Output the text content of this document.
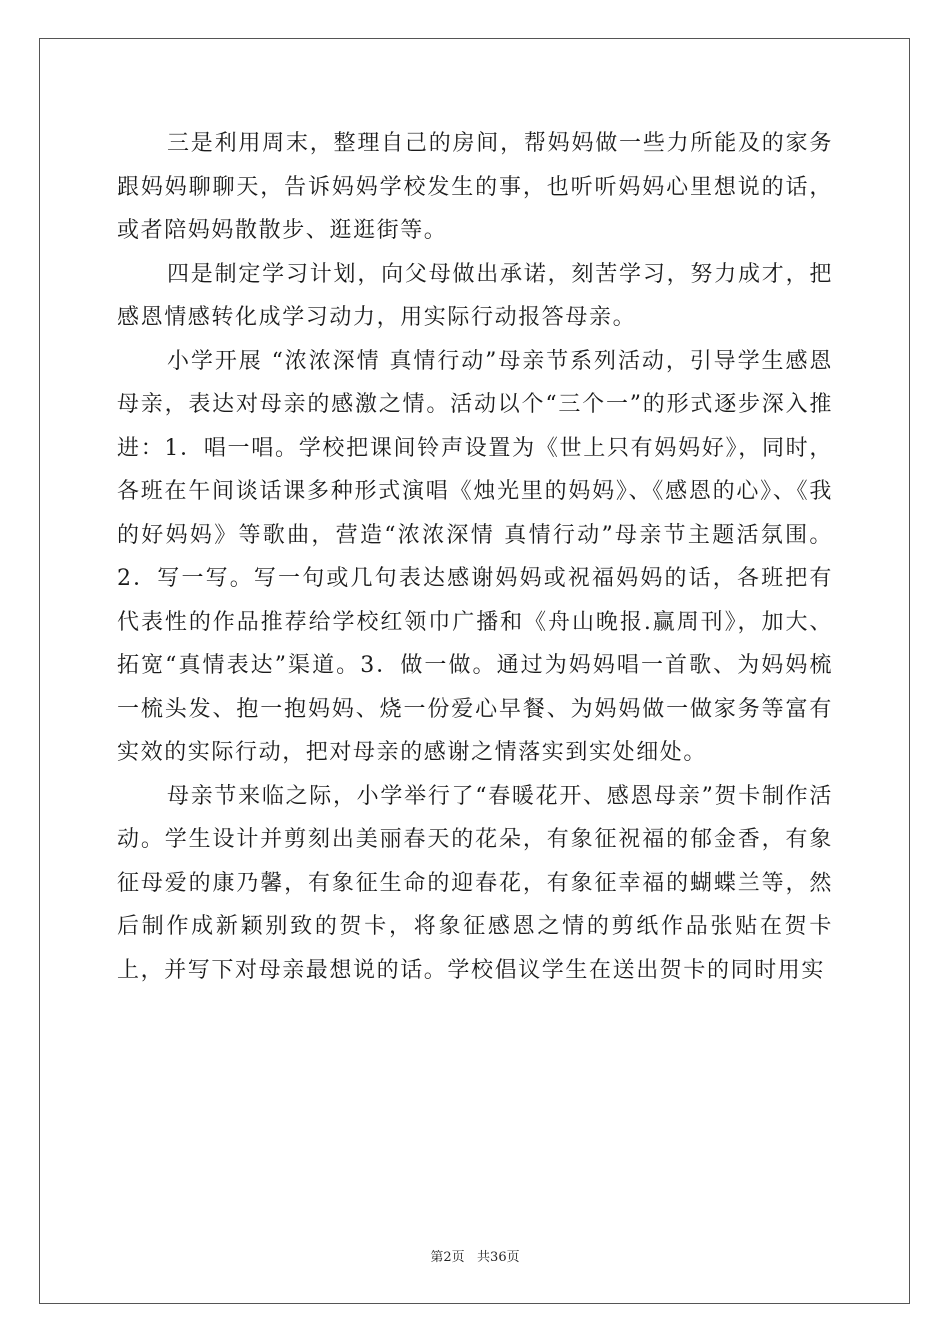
三是利用周末，整理自己的房间，帮妈妈做一些力所能及的家务跟妈妈聊聊天，告诉妈妈学校发生的事，也听听妈妈心里想说的话，或者陪妈妈散散步、逛逛街等。

四是制定学习计划，向父母做出承诺，刻苦学习，努力成才，把感恩情感转化成学习动力，用实际行动报答母亲。

小学开展 “浓浓深情 真情行动”母亲节系列活动，引导学生感恩母亲，表达对母亲的感激之情。活动以个“三个一”的形式逐步深入推进：1．唱一唱。学校把课间铃声设置为《世上只有妈妈好》，同时，各班在午间谈话课多种形式演唱《烛光里的妈妈》、《感恩的心》、《我的好妈妈》等歌曲，营造“浓浓深情 真情行动”母亲节主题活氛围。2．写一写。写一句或几句表达感谢妈妈或祝福妈妈的话，各班把有代表性的作品推荐给学校红领巾广播和《舟山晚报.赢周刊》，加大、拓宽“真情表达”渠道。3．做一做。通过为妈妈唱一首歌、为妈妈梳一梳头发、抱一抱妈妈、烧一份爱心早餐、为妈妈做一做家务等富有实效的实际行动，把对母亲的感谢之情落实到实处细处。

母亲节来临之际，小学举行了“春暖花开、感恩母亲”贺卡制作活动。学生设计并剪刻出美丽春天的花朵，有象征祝福的郁金香，有象征母爱的康乃馨，有象征生命的迎春花，有象征幸福的蝴蝶兰等，然后制作成新颖别致的贺卡，将象征感恩之情的剪纸作品张贴在贺卡上，并写下对母亲最想说的话。学校倡议学生在送出贺卡的同时用实

第2页   共36页
